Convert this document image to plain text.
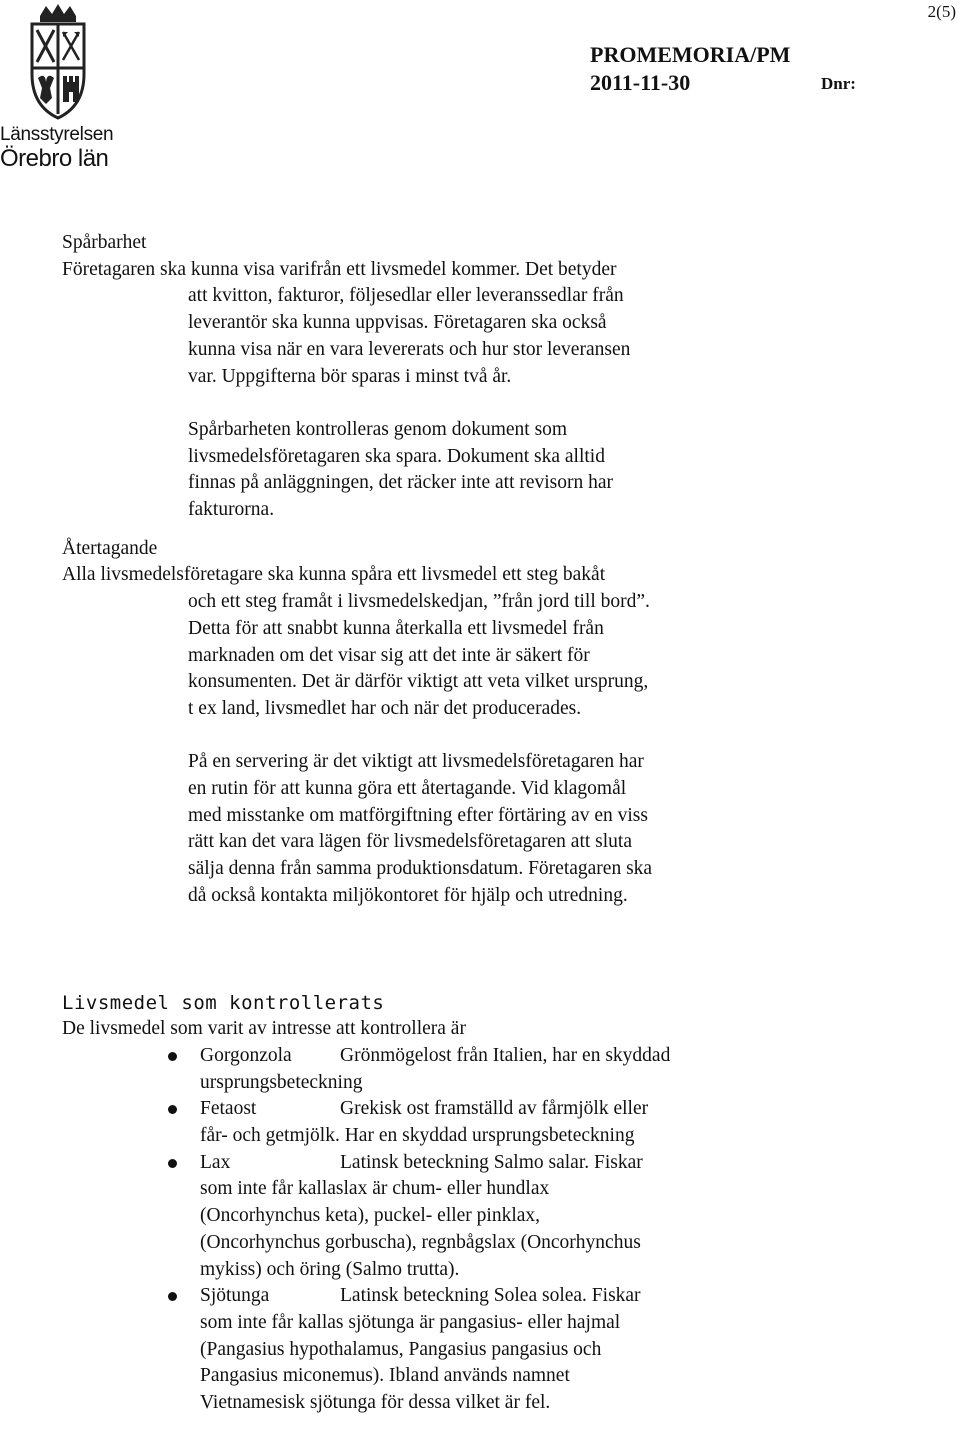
2(5)
Länsstyrelsen
Örebro län
PROMEMORIA/PM
2011-11-30	Dnr:
Spårbarhet
Företagaren ska kunna visa varifrån ett livsmedel kommer. Det betyder
att kvitton, fakturor, följesedlar eller leveranssedlar från
leverantör ska kunna uppvisas. Företagaren ska också
kunna visa när en vara levererats och hur stor leveransen
var. Uppgifterna bör sparas i minst två år.
Spårbarheten kontrolleras genom dokument som
livsmedelsföretagaren ska spara. Dokument ska alltid
finnas på anläggningen, det räcker inte att revisorn har
fakturorna.
Återtagande
Alla livsmedelsföretagare ska kunna spåra ett livsmedel ett steg bakåt
och ett steg framåt i livsmedelskedjan, ”från jord till bord”.
Detta för att snabbt kunna återkalla ett livsmedel från
marknaden om det visar sig att det inte är säkert för
konsumenten. Det är därför viktigt att veta vilket ursprung,
t ex land, livsmedlet har och när det producerades.
På en servering är det viktigt att livsmedelsföretagaren har
en rutin för att kunna göra ett återtagande. Vid klagomål
med misstanke om matförgiftning efter förtäring av en viss
rätt kan det vara lägen för livsmedelsföretagaren att sluta
sälja denna från samma produktionsdatum. Företagaren ska
då också kontakta miljökontoret för hjälp och utredning.
Livsmedel som kontrollerats
De livsmedel som varit av intresse att kontrollera är
Gorgonzola Grönmögelost från Italien, har en skyddad
ursprungsbeteckning
Fetaost	Grekisk ost framställd av fårmjölk eller
får- och getmjölk. Har en skyddad ursprungsbeteckning
Lax	Latinsk beteckning Salmo salar. Fiskar
som inte får kallaslax är chum- eller hundlax
(Oncorhynchus keta), puckel- eller pinklax,
(Oncorhynchus gorbuscha), regnbågslax (Oncorhynchus
mykiss) och öring (Salmo trutta).
Sjötunga	Latinsk beteckning Solea solea. Fiskar
som inte får kallas sjötunga är pangasius- eller hajmal
(Pangasius hypothalamus, Pangasius pangasius och
Pangasius miconemus). Ibland används namnet
Vietnamesisk sjötunga för dessa vilket är fel.
